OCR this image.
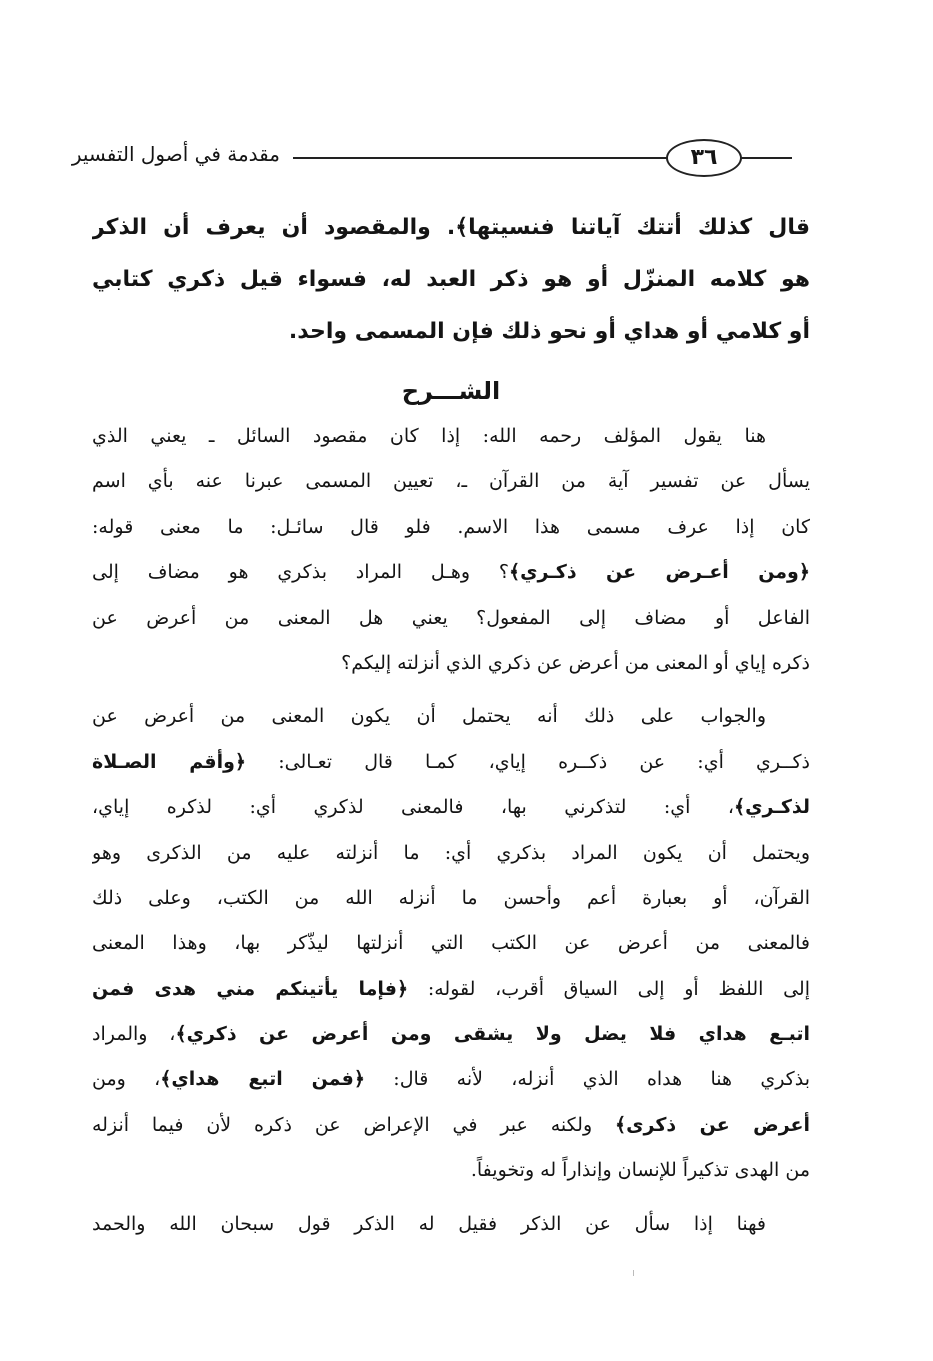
٣٦
مقدمة في أصول التفسير
قال كذلك أتتك آياتنا فنسيتها﴾. والمقصود أن يعرف أن الذكر
هو كلامه المنزّل أو هو ذكر العبد له، فسواء قيل ذكري كتابي
أو كلامي أو هداي أو نحو ذلك فإن المسمى واحد.
الشـــرح
هنا يقول المؤلف رحمه الله: إذا كان مقصود السائل ـ يعني الذي
يسأل عن تفسير آية من القرآن ـ، تعيين المسمى عبرنا عنه بأي اسم
كان إذا عرف مسمى هذا الاسم. فلو قال سائـل: ما معنى قوله:
﴿ومن أعـرض عن ذكـري﴾؟ وهـل المراد بذكري هو مضاف إلى
الفاعل أو مضاف إلى المفعول؟ يعني هل المعنى من أعرض عن
ذكره إياي أو المعنى من أعرض عن ذكري الذي أنزلته إليكم؟
والجواب على ذلك أنه يحتمل أن يكون المعنى من أعرض عن
ذكــري أي: عن ذكــره إياي، كمـا قال تعـالى: ﴿وأقم الصـلاة
لذكـري﴾، أي: لتذكرني بها، فالمعنى لذكري أي: لذكره إياي،
ويحتمل أن يكون المراد بذكري أي: ما أنزلته عليه من الذكرى وهو
القرآن، أو بعبارة أعم وأحسن ما أنزله الله من الكتب، وعلى ذلك
فالمعنى من أعرض عن الكتب التي أنزلتها ليذّكر بها، وهذا المعنى
إلى اللفظ أو إلى السياق أقرب، لقوله: ﴿فإما يأتينكم مني هدى فمن
اتبـع هداي فلا يضل ولا يشقى ومن أعرض عن ذكري﴾، والمراد
بذكري هنا هداه الذي أنزله، لأنه قال: ﴿فمن اتبع هداي﴾، ومن
أعرض عن ذكرى﴾ ولكنه عبر في الإعراض عن ذكره لأن فيما أنزله
من الهدى تذكيراً للإنسان وإنذاراً له وتخويفاً.
فهنا إذا سأل عن الذكر فقيل له الذكر قول سبحان الله والحمد
